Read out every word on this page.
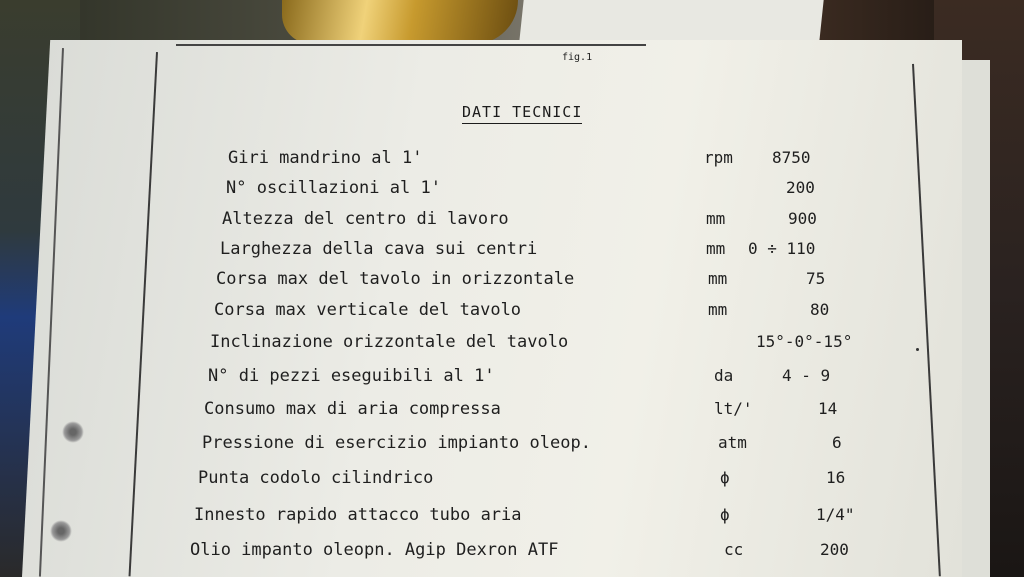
fig.1
DATI TECNICI
Giri mandrino al 1'	rpm 8750
N° oscillazioni al 1'	200
Altezza del centro di lavoro	mm	900
Larghezza della cava sui centri	mm 0 ÷ 110
Corsa max del tavolo in orizzontale	mm	75
Corsa max verticale del tavolo	mm	80
Inclinazione orizzontale del tavolo	15°-0°-15°
N° di pezzi eseguibili al 1'	da	4 - 9
Consumo max di aria compressa	lt/'	14
Pressione di esercizio impianto oleop.	atm	6
Punta codolo cilindrico	ϕ	16
Innesto rapido attacco tubo aria	ϕ	1/4"
Olio impanto oleopn. Agip Dexron ATF	cc	200
